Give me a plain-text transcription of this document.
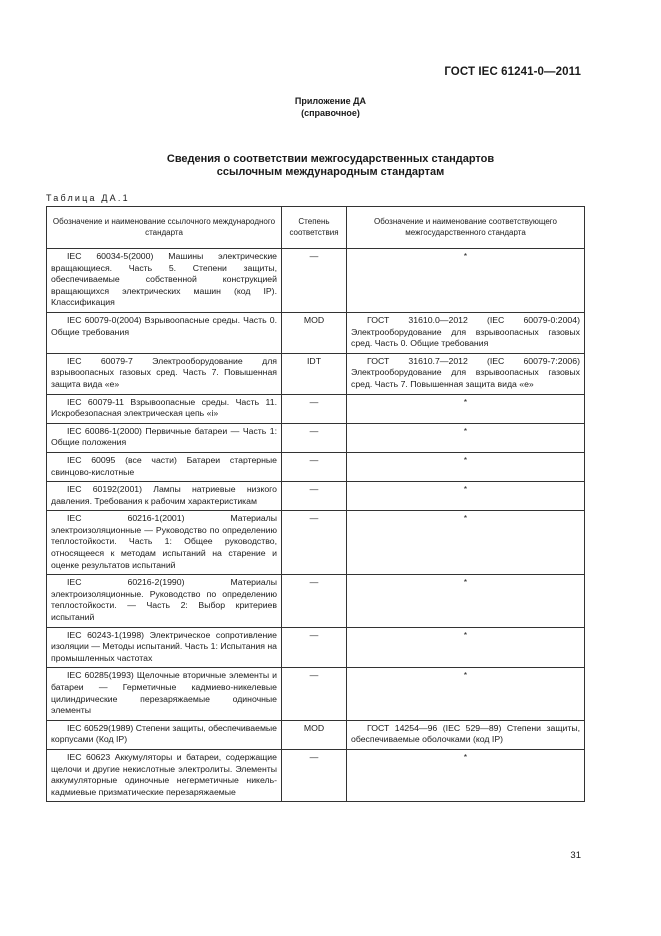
ГОСТ IEC 61241-0—2011
Приложение ДА
(справочное)
Сведения о соответствии межгосударственных стандартов
ссылочным международным стандартам
Таблица ДА.1
Обозначение и наименование ссылочного международного стандарта	Степень соответствия	Обозначение и наименование соответствующего межгосударственного стандарта
IEC 60034-5(2000) Машины электрические вращающиеся. Часть 5. Степени защиты, обеспечиваемые собственной конструкцией вращающихся электрических машин (код IP). Классификация	—	*
IEC 60079-0(2004) Взрывоопасные среды. Часть 0. Общие требования	MOD	ГОСТ 31610.0—2012 (IEC 60079-0:2004) Электрооборудование для взрывоопасных газовых сред. Часть 0. Общие требования
IEC 60079-7 Электрооборудование для взрывоопасных газовых сред. Часть 7. Повышенная защита вида «е»	IDT	ГОСТ 31610.7—2012 (IEC 60079-7:2006) Электрооборудование для взрывоопасных газовых сред. Часть 7. Повышенная защита вида «е»
IEC 60079-11 Взрывоопасные среды. Часть 11. Искробезопасная электрическая цепь «i»	—	*
IEC 60086-1(2000) Первичные батареи — Часть 1: Общие положения	—	*
IEC 60095 (все части) Батареи стартерные свинцово-кислотные	—	*
IEC 60192(2001) Лампы натриевые низкого давления. Требования к рабочим характеристикам	—	*
IEC 60216-1(2001) Материалы электроизоляционные — Руководство по определению теплостойкости. Часть 1: Общее руководство, относящееся к методам испытаний на старение и оценке результатов испытаний	—	*
IEC 60216-2(1990) Материалы электроизоляционные. Руководство по определению теплостойкости. — Часть 2: Выбор критериев испытаний	—	*
IEC 60243-1(1998) Электрическое сопротивление изоляции — Методы испытаний. Часть 1: Испытания на промышленных частотах	—	*
IEC 60285(1993) Щелочные вторичные элементы и батареи — Герметичные кадмиево-никелевые цилиндрические перезаряжаемые одиночные элементы	—	*
IEC 60529(1989) Степени защиты, обеспечиваемые корпусами (Код IP)	MOD	ГОСТ 14254—96 (IEC 529—89) Степени защиты, обеспечиваемые оболочками (код IP)
IEC 60623 Аккумуляторы и батареи, содержащие щелочи и другие некислотные электролиты. Элементы аккумуляторные одиночные негерметичные никель-кадмиевые призматические перезаряжаемые	—	*
31
